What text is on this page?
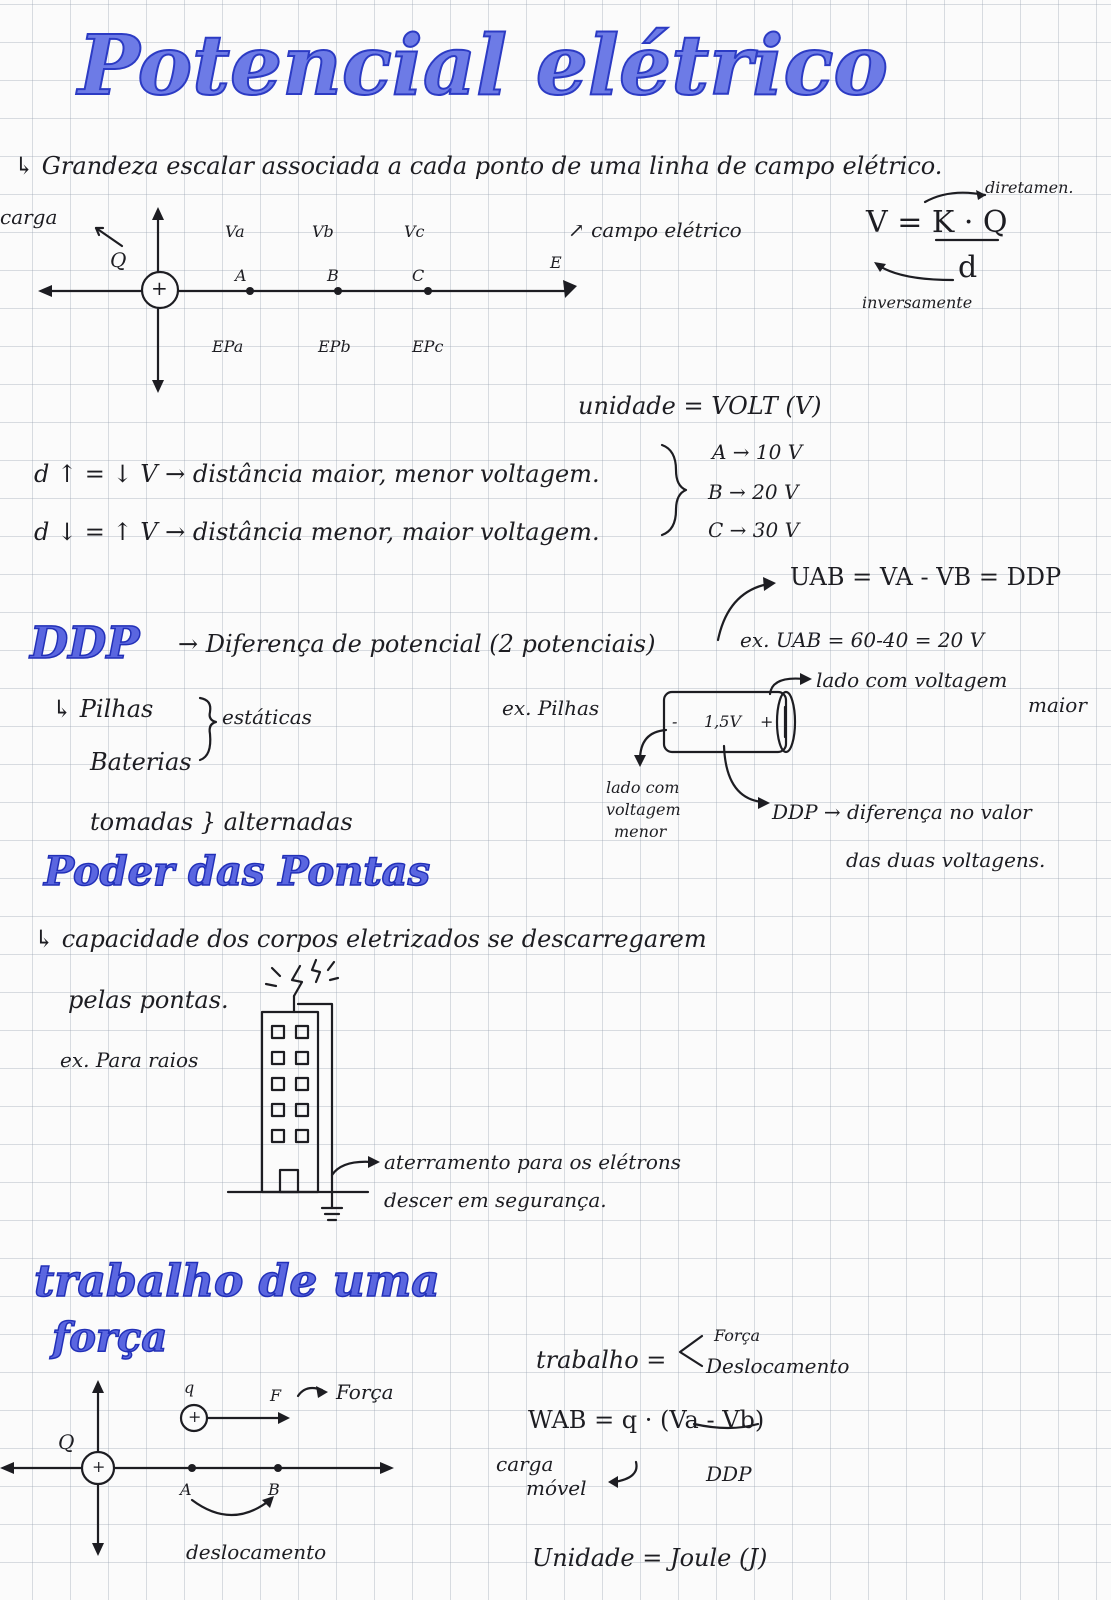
Potencial elétrico
↳ Grandeza escalar associada a cada ponto de uma linha de campo elétrico.
carga
Q
+
Va	Vb	Vc
A	B	C
EPa	EPb	EPc
E
↗ campo elétrico
diretamen.
V = K · Q
d
inversamente
unidade = VOLT (V)
d ↑ = ↓ V → distância maior, menor voltagem.
d ↓ = ↑ V → distância menor, maior voltagem.
A → 10 V
B → 20 V
C → 30 V
UAB = VA - VB = DDP
DDP → Diferença de potencial (2 potenciais)	ex. UAB = 60-40 = 20 V
↳ Pilhas
Baterias
estáticas
tomadas } alternadas
ex. Pilhas
- 1,5V +
lado com voltagem
maior
lado com
voltagem
menor
DDP → diferença no valor
das duas voltagens.
Poder das Pontas
↳ capacidade dos corpos eletrizados se descarregarem
pelas pontas.
ex. Para raios
aterramento para os elétrons
descer em segurança.
trabalho de uma
força	trabalho =
Força
Deslocamento
WAB = q · (Va - Vb)
carga
móvel
DDP
Unidade = Joule (J)
q
+
F	Força
Q
+
A	B
deslocamento
